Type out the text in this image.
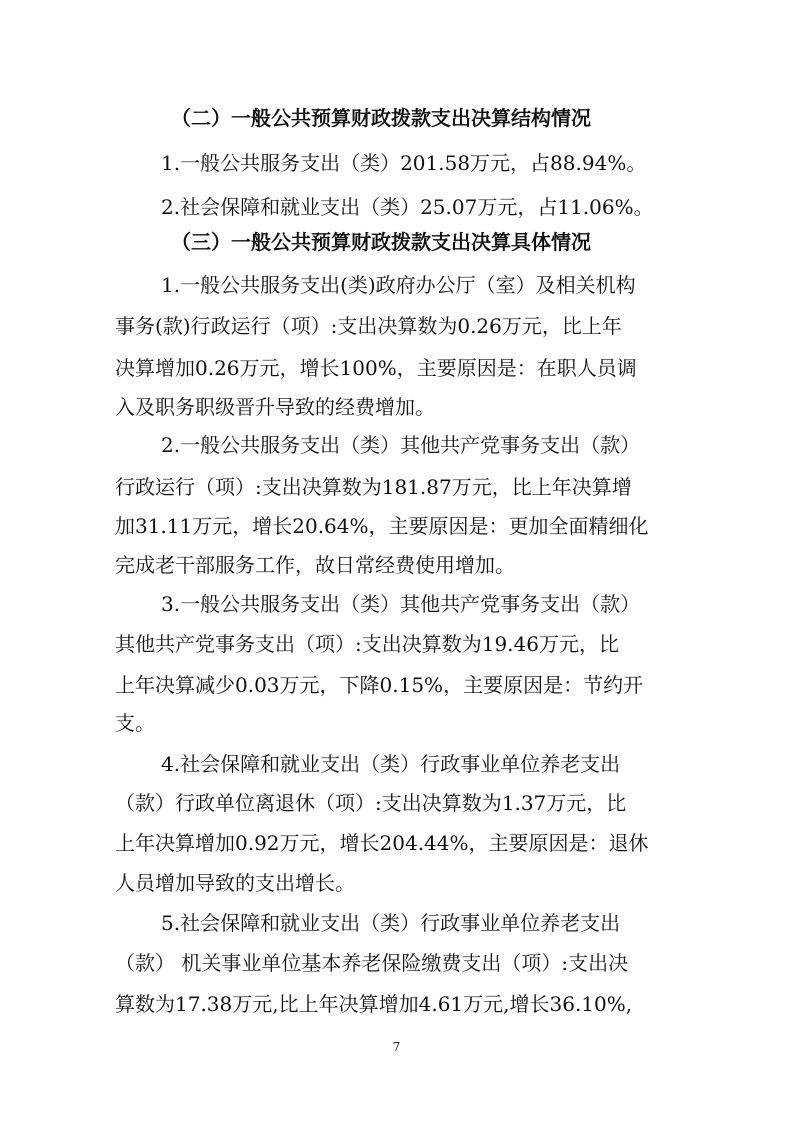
（二）一般公共预算财政拨款支出决算结构情况
1.一般公共服务支出（类）201.58万元，占88.94%。
2.社会保障和就业支出（类）25.07万元，占11.06%。
（三）一般公共预算财政拨款支出决算具体情况
1.一般公共服务支出(类)政府办公厅（室）及相关机构
事务(款)行政运行（项）:支出决算数为0.26万元，比上年
决算增加0.26万元，增长100%，主要原因是：在职人员调
入及职务职级晋升导致的经费增加。
2.一般公共服务支出（类）其他共产党事务支出（款）
行政运行（项）:支出决算数为181.87万元，比上年决算增
加31.11万元，增长20.64%，主要原因是：更加全面精细化
完成老干部服务工作，故日常经费使用增加。
3.一般公共服务支出（类）其他共产党事务支出（款）
其他共产党事务支出（项）:支出决算数为19.46万元，比
上年决算减少0.03万元，下降0.15%，主要原因是：节约开
支。
4.社会保障和就业支出（类）行政事业单位养老支出
（款）行政单位离退休（项）:支出决算数为1.37万元，比
上年决算增加0.92万元，增长204.44%，主要原因是：退休
人员增加导致的支出增长。
5.社会保障和就业支出（类）行政事业单位养老支出
（款） 机关事业单位基本养老保险缴费支出（项）:支出决
算数为17.38万元,比上年决算增加4.61万元,增长36.10%,
7
